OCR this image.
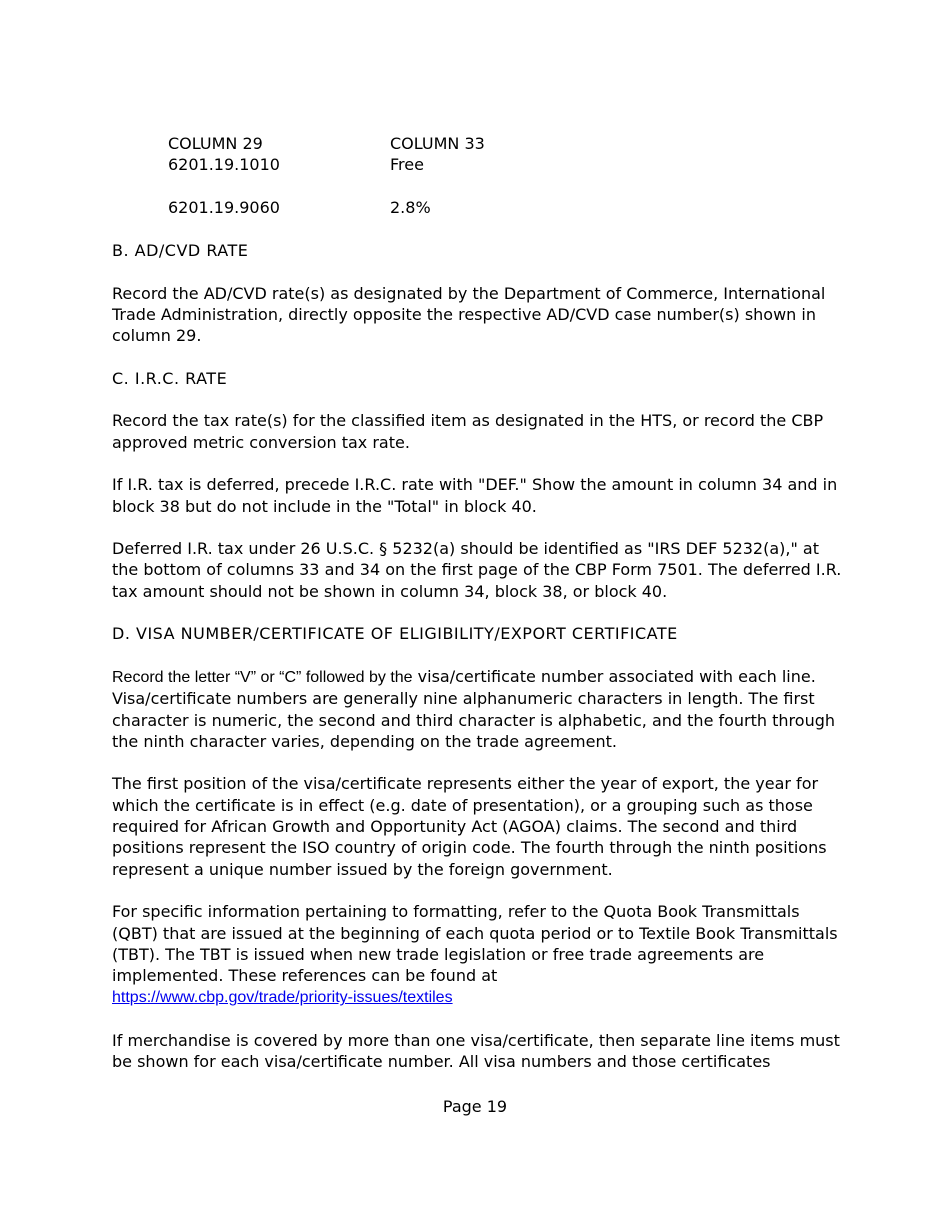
COLUMN 29	COLUMN 33
6201.19.1010	Free
6201.19.9060	2.8%

B. AD/CVD RATE

Record the AD/CVD rate(s) as designated by the Department of Commerce, International Trade Administration, directly opposite the respective AD/CVD case number(s) shown in column 29.

C. I.R.C. RATE

Record the tax rate(s) for the classified item as designated in the HTS, or record the CBP approved metric conversion tax rate.

If I.R. tax is deferred, precede I.R.C. rate with "DEF." Show the amount in column 34 and in block 38 but do not include in the "Total" in block 40.

Deferred I.R. tax under 26 U.S.C. § 5232(a) should be identified as "IRS DEF 5232(a)," at the bottom of columns 33 and 34 on the first page of the CBP Form 7501. The deferred I.R. tax amount should not be shown in column 34, block 38, or block 40.

D. VISA NUMBER/CERTIFICATE OF ELIGIBILITY/EXPORT CERTIFICATE

Record the letter “V” or “C” followed by the visa/certificate number associated with each line. Visa/certificate numbers are generally nine alphanumeric characters in length. The first character is numeric, the second and third character is alphabetic, and the fourth through the ninth character varies, depending on the trade agreement.

The first position of the visa/certificate represents either the year of export, the year for which the certificate is in effect (e.g. date of presentation), or a grouping such as those required for African Growth and Opportunity Act (AGOA) claims. The second and third positions represent the ISO country of origin code. The fourth through the ninth positions represent a unique number issued by the foreign government.

For specific information pertaining to formatting, refer to the Quota Book Transmittals (QBT) that are issued at the beginning of each quota period or to Textile Book Transmittals (TBT). The TBT is issued when new trade legislation or free trade agreements are implemented. These references can be found at
https://www.cbp.gov/trade/priority-issues/textiles

If merchandise is covered by more than one visa/certificate, then separate line items must be shown for each visa/certificate number. All visa numbers and those certificates

Page 19
